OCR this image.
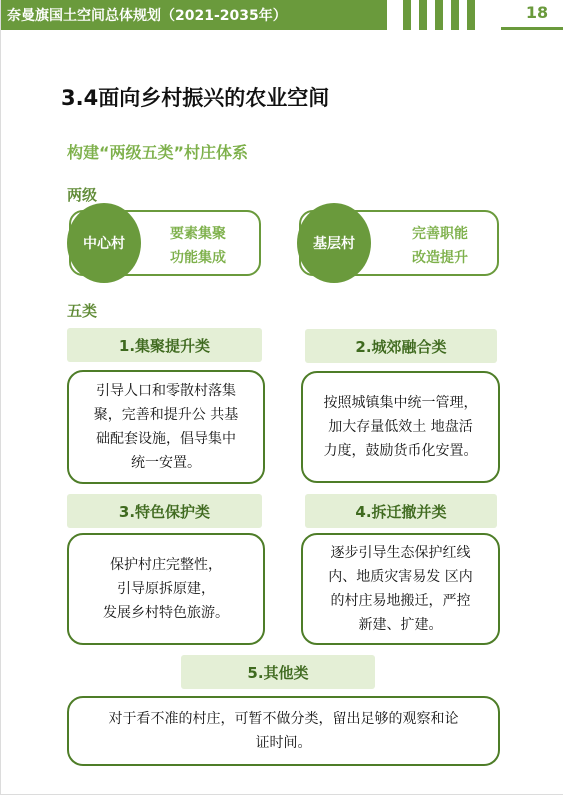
奈曼旗国土空间总体规划（2021-2035年）	18
3.4面向乡村振兴的农业空间
构建“两级五类”村庄体系
两级
中心村
要素集聚
功能集成
基层村
完善职能
改造提升
五类
1.集聚提升类
引导人口和零散村落集
聚，完善和提升公 共基
础配套设施，倡导集中
统一安置。
2.城郊融合类
按照城镇集中统一管理，
加大存量低效土 地盘活
力度，鼓励货币化安置。
3.特色保护类
保护村庄完整性，
引导原拆原建，
发展乡村特色旅游。
4.拆迁撤并类
逐步引导生态保护红线
内、地质灾害易发 区内
的村庄易地搬迁，严控
新建、扩建。
5.其他类
对于看不准的村庄，可暂不做分类，留出足够的观察和论
证时间。
